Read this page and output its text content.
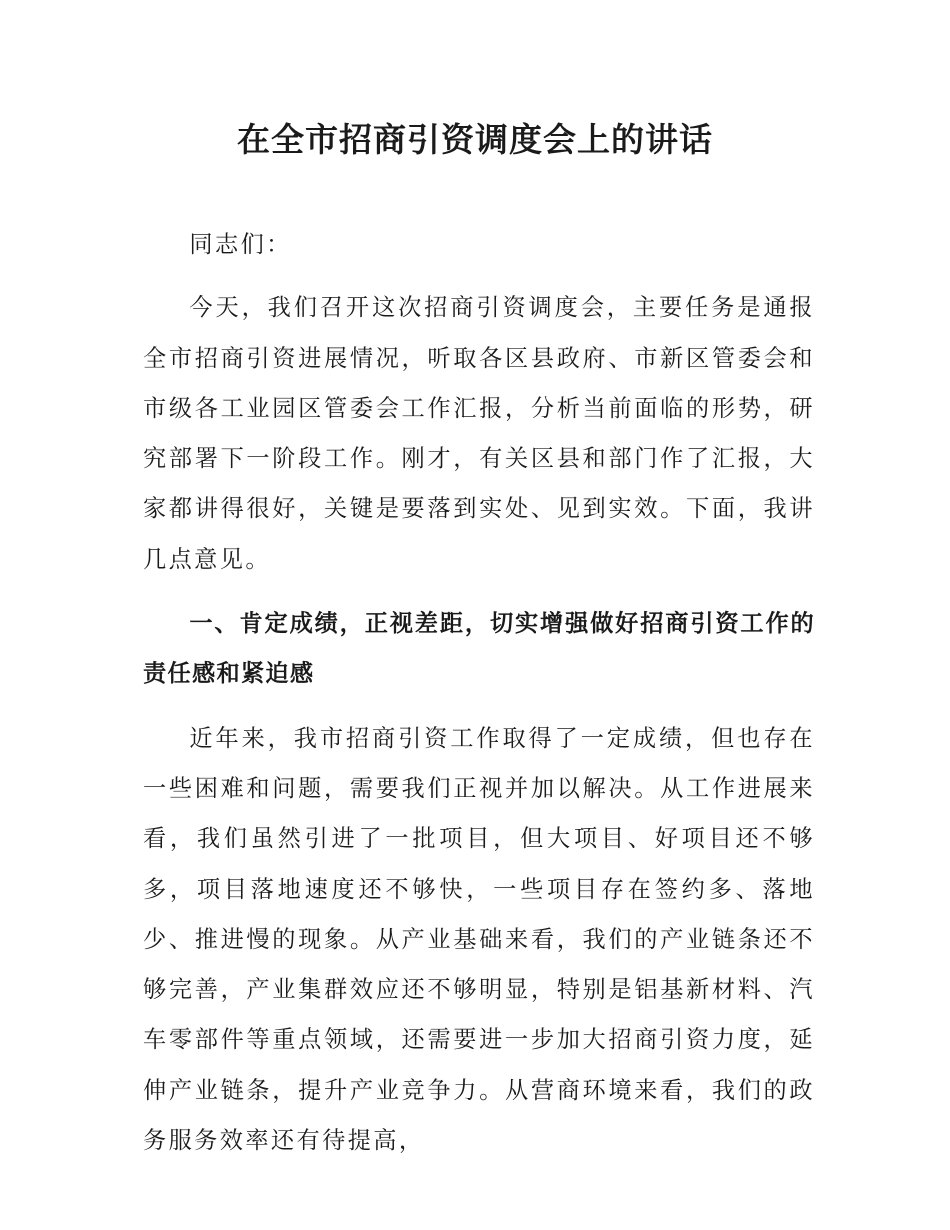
在全市招商引资调度会上的讲话

同志们：

今天，我们召开这次招商引资调度会，主要任务是通报全市招商引资进展情况，听取各区县政府、市新区管委会和市级各工业园区管委会工作汇报，分析当前面临的形势，研究部署下一阶段工作。刚才，有关区县和部门作了汇报，大家都讲得很好，关键是要落到实处、见到实效。下面，我讲几点意见。

一、肯定成绩，正视差距，切实增强做好招商引资工作的责任感和紧迫感

近年来，我市招商引资工作取得了一定成绩，但也存在一些困难和问题，需要我们正视并加以解决。从工作进展来看，我们虽然引进了一批项目，但大项目、好项目还不够多，项目落地速度还不够快，一些项目存在签约多、落地少、推进慢的现象。从产业基础来看，我们的产业链条还不够完善，产业集群效应还不够明显，特别是铝基新材料、汽车零部件等重点领域，还需要进一步加大招商引资力度，延伸产业链条，提升产业竞争力。从营商环境来看，我们的政务服务效率还有待提高，
